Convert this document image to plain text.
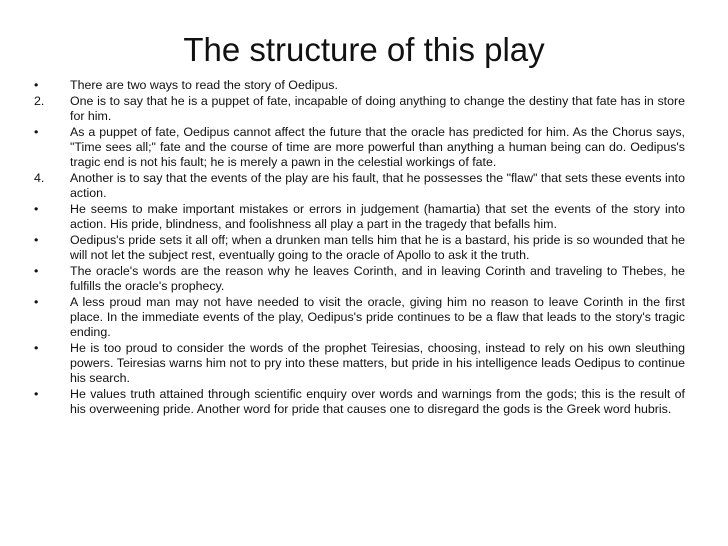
The structure of this play
•	There are two ways to read the story of Oedipus.
2.	One is to say that he is a puppet of fate, incapable of doing anything to change the destiny that fate has in store for him.
•	As a puppet of fate, Oedipus cannot affect the future that the oracle has predicted for him. As the Chorus says, "Time sees all;" fate and the course of time are more powerful than anything a human being can do. Oedipus's tragic end is not his fault; he is merely a pawn in the celestial workings of fate.
4.	Another is to say that the events of the play are his fault, that he possesses the "flaw" that sets these events into action.
•	He seems to make important mistakes or errors in judgement (hamartia) that set the events of the story into action. His pride, blindness, and foolishness all play a part in the tragedy that befalls him.
•	Oedipus's pride sets it all off; when a drunken man tells him that he is a bastard, his pride is so wounded that he will not let the subject rest, eventually going to the oracle of Apollo to ask it the truth.
•	The oracle's words are the reason why he leaves Corinth, and in leaving Corinth and traveling to Thebes, he fulfills the oracle's prophecy.
•	A less proud man may not have needed to visit the oracle, giving him no reason to leave Corinth in the first place. In the immediate events of the play, Oedipus's pride continues to be a flaw that leads to the story's tragic ending.
•	He is too proud to consider the words of the prophet Teiresias, choosing, instead to rely on his own sleuthing powers. Teiresias warns him not to pry into these matters, but pride in his intelligence leads Oedipus to continue his search.
•	He values truth attained through scientific enquiry over words and warnings from the gods; this is the result of his overweening pride. Another word for pride that causes one to disregard the gods is the Greek word hubris.
